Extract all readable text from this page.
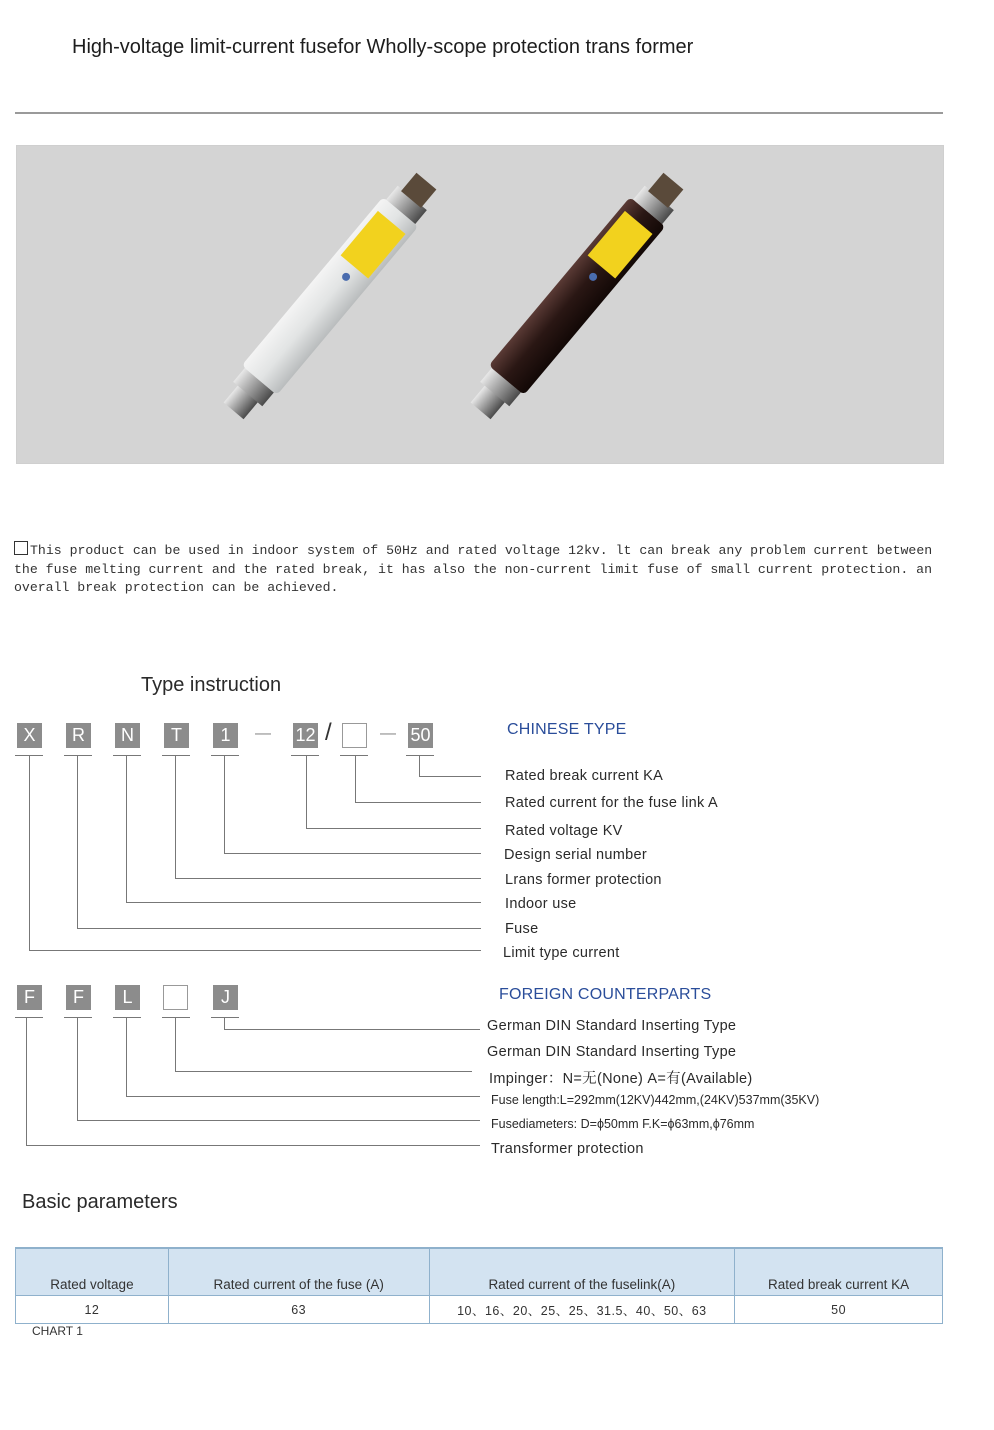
High-voltage limit-current fusefor Wholly-scope protection trans former
This product can be used in indoor system of 50Hz and rated voltage 12kv. lt can break any problem current between the fuse melting current and the rated break, it has also the non-current limit fuse of small current protection. an overall break protection can be achieved.
Type instruction
X	R	N	T	1	— 12 /	— 50	CHINESE TYPE
Rated break current KA
Rated current for the fuse link A
Rated voltage KV
Design serial number
Lrans former protection
Indoor use
Fuse
Limit type current
F	F	L	J	FOREIGN COUNTERPARTS
German DIN Standard Inserting Type
German DIN Standard Inserting Type
Impinger：N=无(None) A=有(Available)
Fuse length:L=292mm(12KV)442mm,(24KV)537mm(35KV)
Fusediameters: D=ϕ50mm F.K=ϕ63mm,ϕ76mm
Transformer protection
Basic parameters
Rated voltage	Rated current of the fuse (A)	Rated current of the fuselink(A)	Rated break current KA
12	63	10、16、20、25、25、31.5、40、50、63	50
CHART 1
